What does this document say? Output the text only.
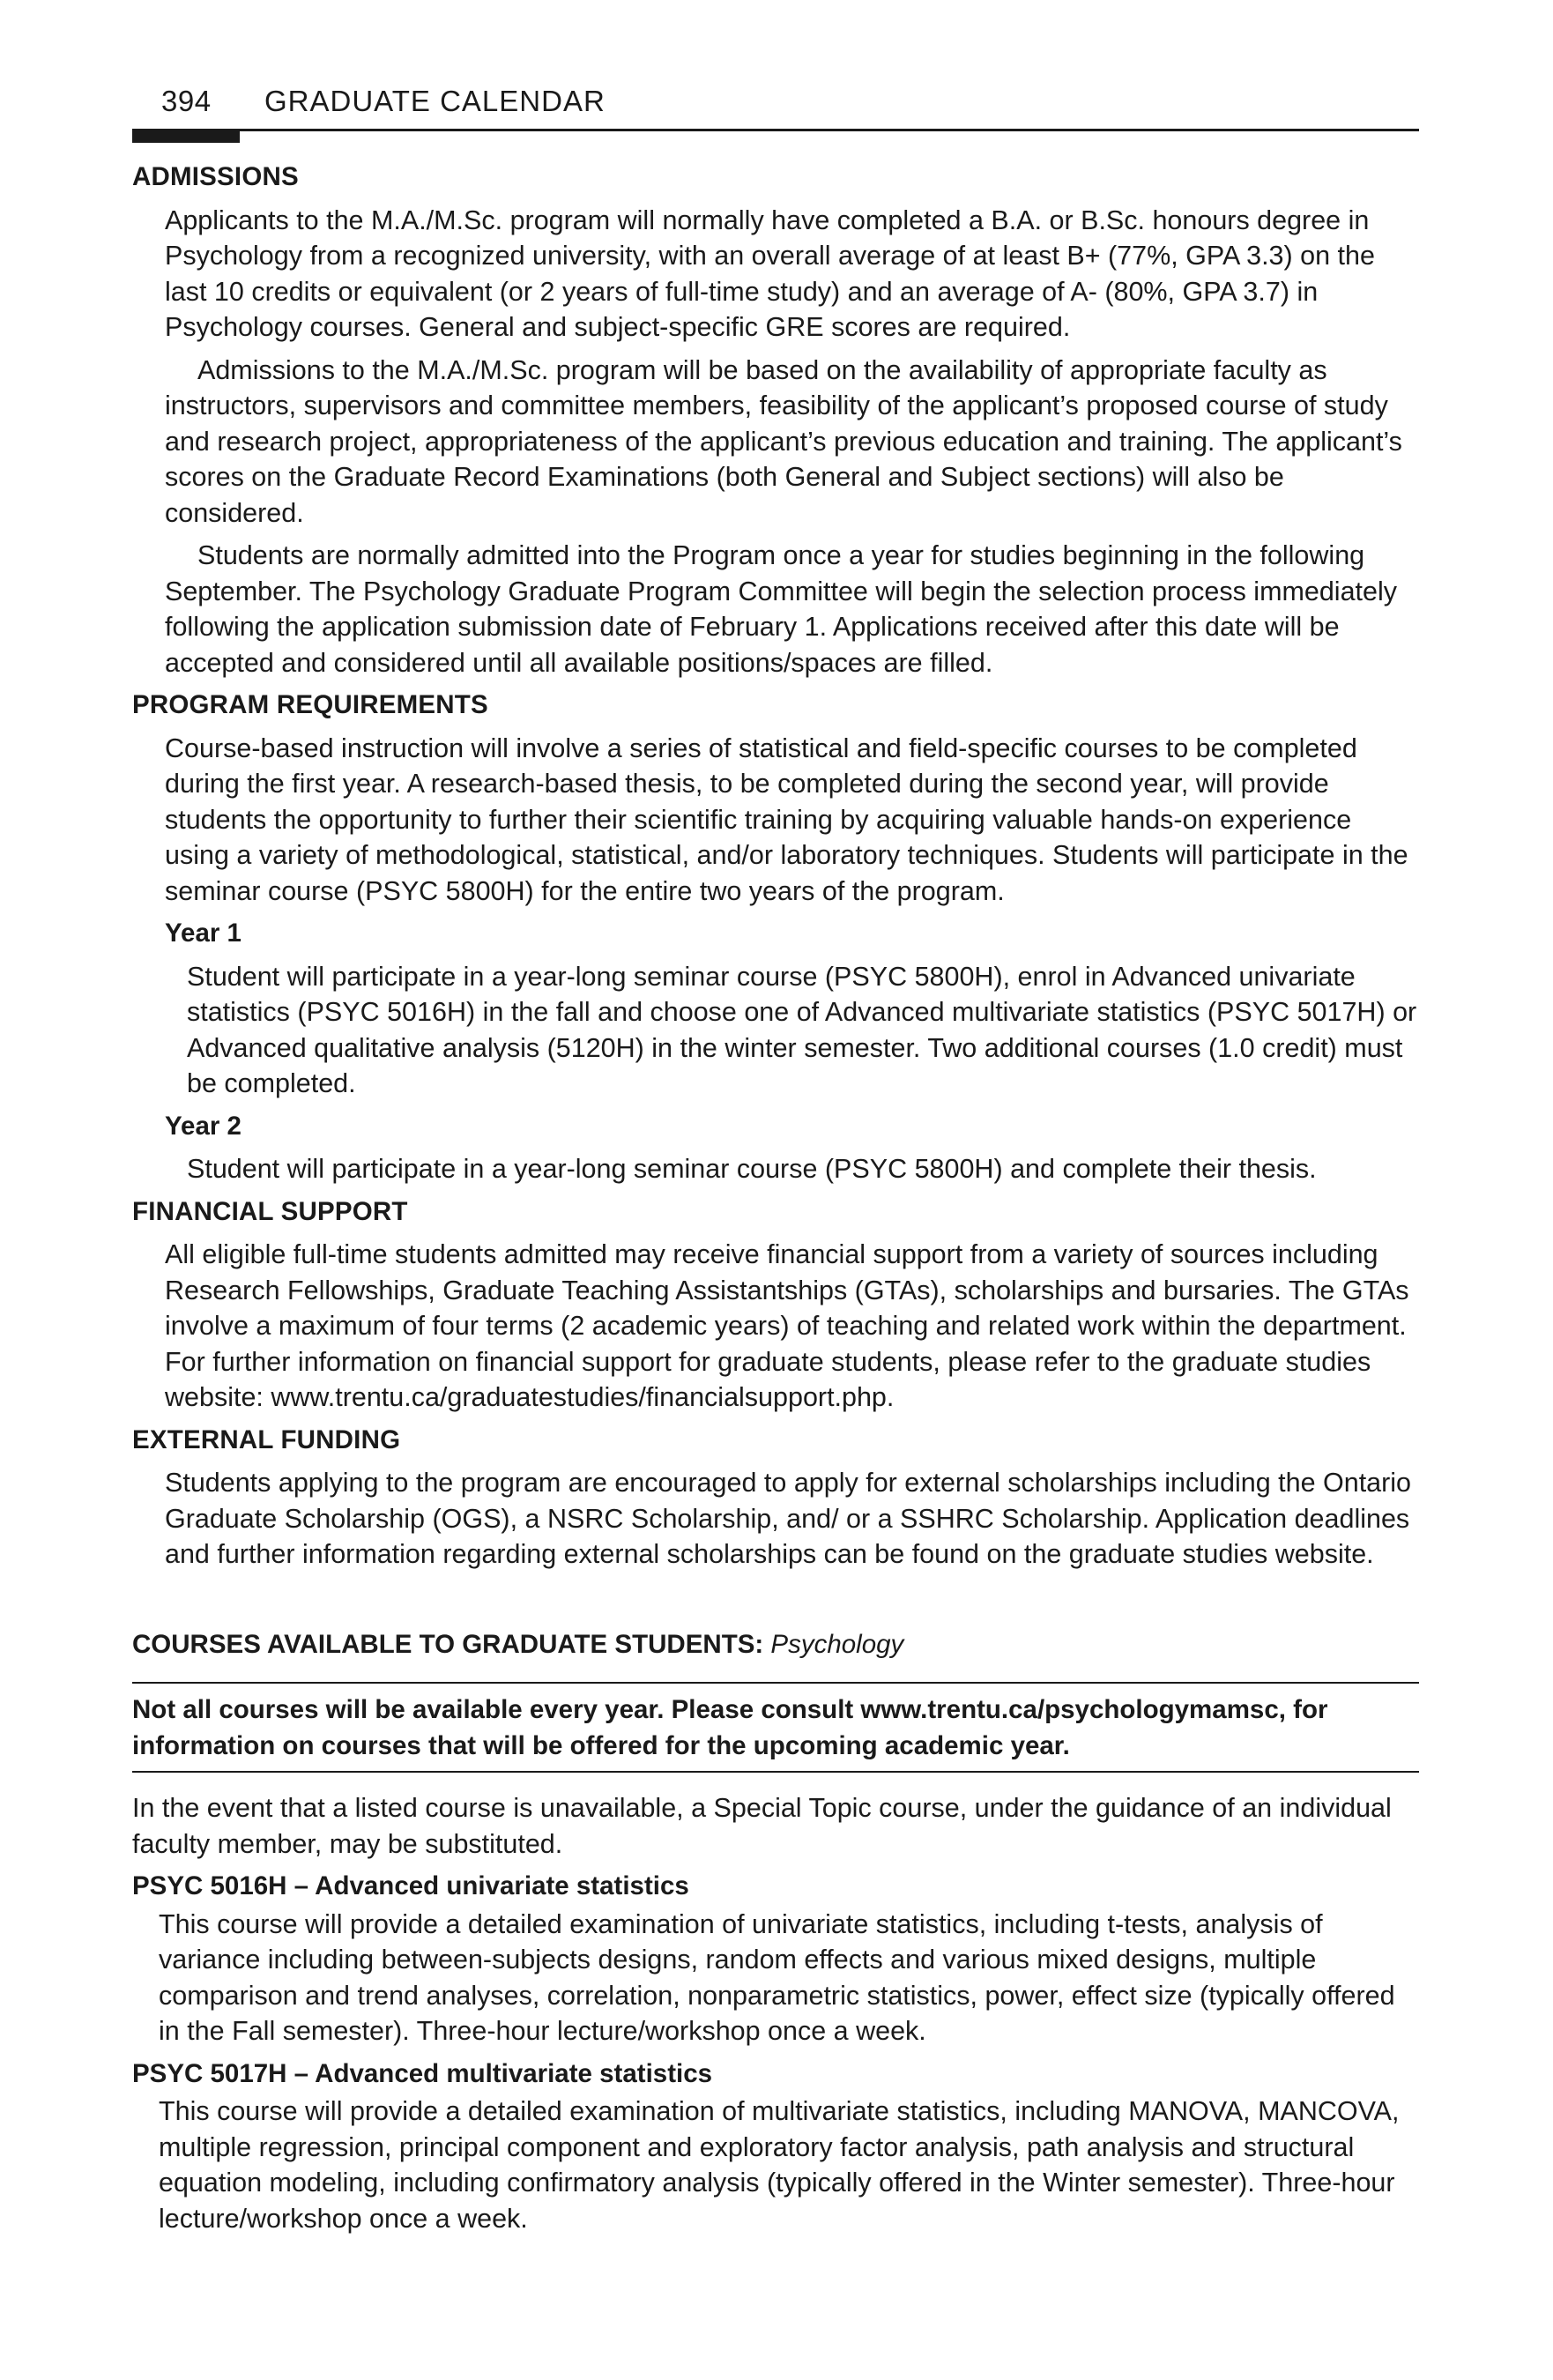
394 GRADUATE CALENDAR
ADMISSIONS
Applicants to the M.A./M.Sc. program will normally have completed a B.A. or B.Sc. honours degree in Psychology from a recognized university, with an overall average of at least B+ (77%, GPA 3.3) on the last 10 credits or equivalent (or 2 years of full-time study) and an average of A- (80%, GPA 3.7) in Psychology courses. General and subject-specific GRE scores are required.
Admissions to the M.A./M.Sc. program will be based on the availability of appropriate faculty as instructors, supervisors and committee members, feasibility of the applicant’s proposed course of study and research project, appropriateness of the applicant’s previous education and training. The applicant’s scores on the Graduate Record Examinations (both General and Subject sections) will also be considered.
Students are normally admitted into the Program once a year for studies beginning in the following September. The Psychology Graduate Program Committee will begin the selection process immediately following the application submission date of February 1. Applications received after this date will be accepted and considered until all available positions/spaces are filled.
PROGRAM REQUIREMENTS
Course-based instruction will involve a series of statistical and field-specific courses to be completed during the first year. A research-based thesis, to be completed during the second year, will provide students the opportunity to further their scientific training by acquiring valuable hands-on experience using a variety of methodological, statistical, and/or laboratory techniques. Students will participate in the seminar course (PSYC 5800H) for the entire two years of the program.
Year 1
Student will participate in a year-long seminar course (PSYC 5800H), enrol in Advanced univariate statistics (PSYC 5016H) in the fall and choose one of Advanced multivariate statistics (PSYC 5017H) or Advanced qualitative analysis (5120H) in the winter semester. Two additional courses (1.0 credit) must be completed.
Year 2
Student will participate in a year-long seminar course (PSYC 5800H) and complete their thesis.
FINANCIAL SUPPORT
All eligible full-time students admitted may receive financial support from a variety of sources including Research Fellowships, Graduate Teaching Assistantships (GTAs), scholarships and bursaries. The GTAs involve a maximum of four terms (2 academic years) of teaching and related work within the department. For further information on financial support for graduate students, please refer to the graduate studies website: www.trentu.ca/graduatestudies/financialsupport.php.
EXTERNAL FUNDING
Students applying to the program are encouraged to apply for external scholarships including the Ontario Graduate Scholarship (OGS), a NSRC Scholarship, and/ or a SSHRC Scholarship. Application deadlines and further information regarding external scholarships can be found on the graduate studies website.
COURSES AVAILABLE TO GRADUATE STUDENTS: Psychology
Not all courses will be available every year. Please consult www.trentu.ca/psychologymamsc, for information on courses that will be offered for the upcoming academic year.
In the event that a listed course is unavailable, a Special Topic course, under the guidance of an individual faculty member, may be substituted.
PSYC 5016H – Advanced univariate statistics
This course will provide a detailed examination of univariate statistics, including t-tests, analysis of variance including between-subjects designs, random effects and various mixed designs, multiple comparison and trend analyses, correlation, nonparametric statistics, power, effect size (typically offered in the Fall semester). Three-hour lecture/workshop once a week.
PSYC 5017H – Advanced multivariate statistics
This course will provide a detailed examination of multivariate statistics, including MANOVA, MANCOVA, multiple regression, principal component and exploratory factor analysis, path analysis and structural equation modeling, including confirmatory analysis (typically offered in the Winter semester). Three-hour lecture/workshop once a week.
